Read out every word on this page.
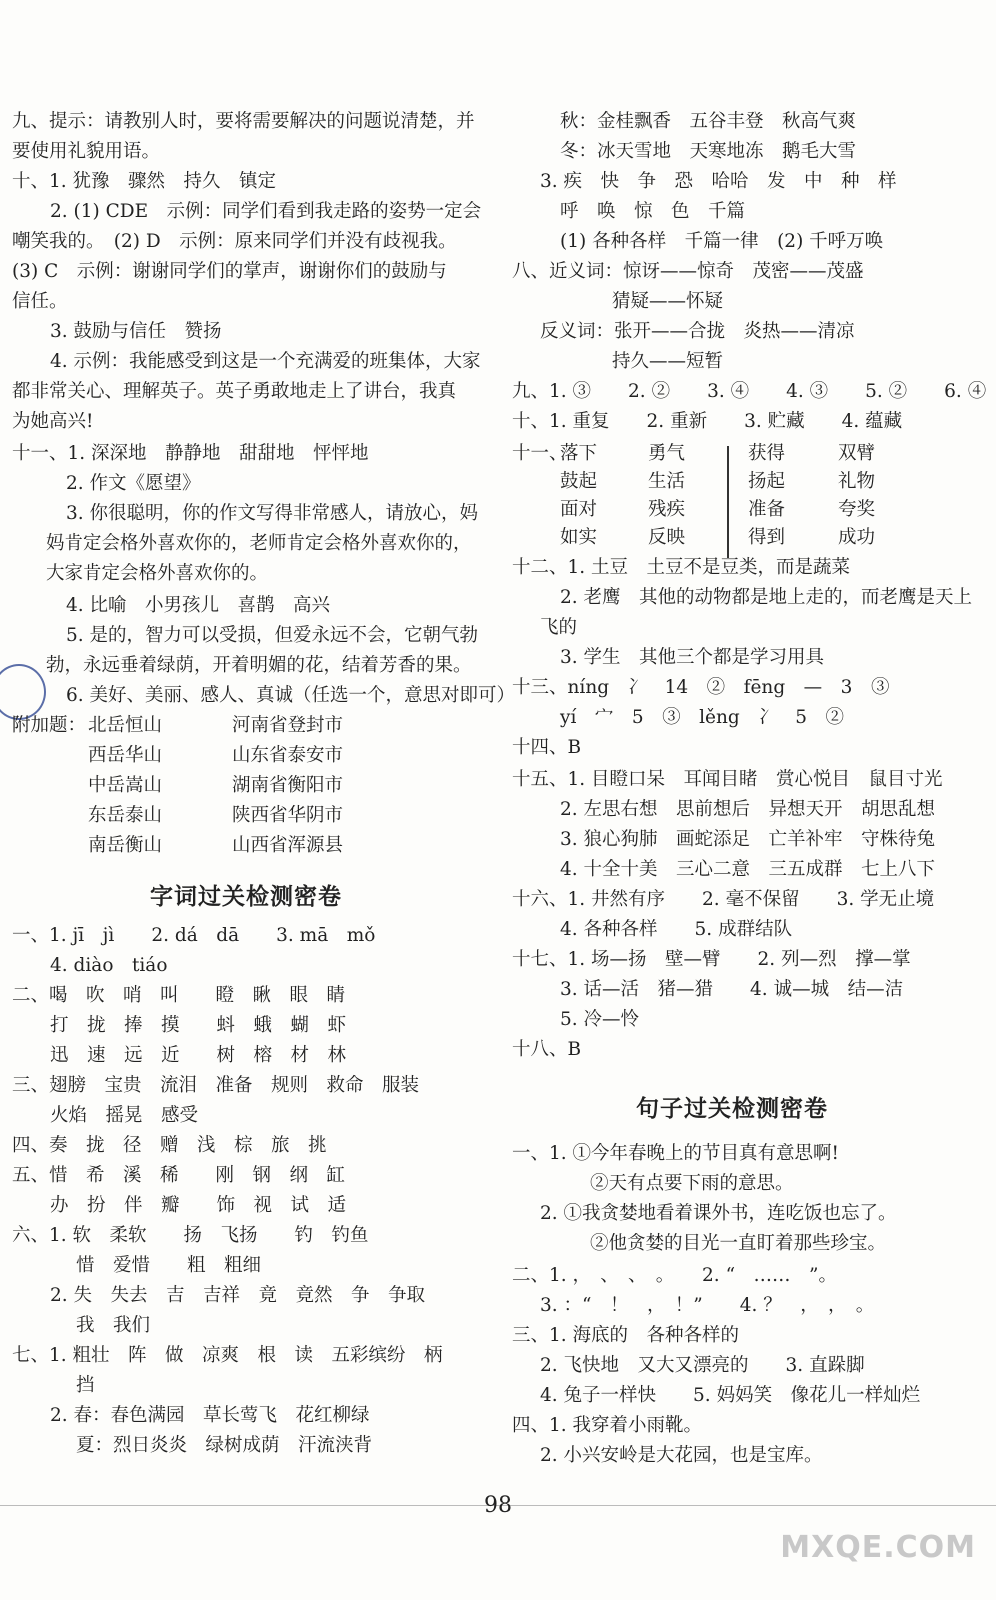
九、提示：请教别人时，要将需要解决的问题说清楚，并
要使用礼貌用语。
十、1. 犹豫　骤然　持久　镇定
2. (1) CDE　示例：同学们看到我走路的姿势一定会
嘲笑我的。　(2) D　示例：原来同学们并没有歧视我。
(3) C　示例：谢谢同学们的掌声，谢谢你们的鼓励与
信任。
3. 鼓励与信任　赞扬
4. 示例：我能感受到这是一个充满爱的班集体，大家
都非常关心、理解英子。英子勇敢地走上了讲台，我真
为她高兴!
十一、1. 深深地　静静地　甜甜地　怦怦地
2. 作文《愿望》
3. 你很聪明，你的作文写得非常感人，请放心，妈
妈肯定会格外喜欢你的，老师肯定会格外喜欢你的，
大家肯定会格外喜欢你的。
4. 比喻　小男孩儿　喜鹊　高兴
5. 是的，智力可以受损，但爱永远不会，它朝气勃
勃，永远垂着绿荫，开着明媚的花，结着芳香的果。
6. 美好、美丽、感人、真诚（任选一个，意思对即可）
附加题： 北岳恒山
西岳华山
中岳嵩山
东岳泰山
南岳衡山
河南省登封市
山东省泰安市
湖南省衡阳市
陕西省华阴市
山西省浑源县
字词过关检测密卷
一、1. jī　jì　　2. dá　dā　　3. mā　mǒ
4. diào　tiáo
二、喝　吹　哨　叫　　瞪　瞅　眼　睛
打　拢　捧　摸　　蚪　蛾　蝴　虾
迅　速　远　近　　树　榕　材　林
三、翅膀　宝贵　流泪　准备　规则　救命　服装
火焰　摇晃　感受
四、奏　拢　径　赠　浅　棕　旅　挑
五、惜　希　溪　稀　　刚　钢　纲　缸
办　扮　伴　瓣　　饰　视　试　适
六、1. 软　柔软　　扬　飞扬　　钓　钓鱼
惜　爱惜　　粗　粗细
2. 失　失去　吉　吉祥　竟　竟然　争　争取
我　我们
七、1. 粗壮　阵　做　凉爽　根　读　五彩缤纷　柄
挡
2. 春：春色满园　草长莺飞　花红柳绿
夏：烈日炎炎　绿树成荫　汗流浃背
秋：金桂飘香　五谷丰登　秋高气爽
冬：冰天雪地　天寒地冻　鹅毛大雪
3. 疾　快　争　恐　哈哈　发　中　种　样
呼　唤　惊　色　千篇
(1) 各种各样　千篇一律　(2) 千呼万唤
八、近义词：惊讶——惊奇　茂密——茂盛
猜疑——怀疑
反义词：张开——合拢　炎热——清凉
持久——短暂
九、1. ③　　2. ②　　3. ④　　4. ③　　5. ②　　6. ④
十、1. 重复　　2. 重新　　3. 贮藏　　4. 蕴藏
十一、
落下
鼓起
面对
如实
勇气
生活
残疾
反映
获得
扬起
准备
得到
双臂
礼物
夸奖
成功
十二、1. 土豆　土豆不是豆类，而是蔬菜
2. 老鹰　其他的动物都是地上走的，而老鹰是天上
飞的
3. 学生　其他三个都是学习用具
十三、níng　冫　14　②　fēng　—　3　③
yí　宀　5　③　lěng　冫　5　②
十四、B
十五、1. 目瞪口呆　耳闻目睹　赏心悦目　鼠目寸光
2. 左思右想　思前想后　异想天开　胡思乱想
3. 狼心狗肺　画蛇添足　亡羊补牢　守株待兔
4. 十全十美　三心二意　三五成群　七上八下
十六、1. 井然有序　　2. 毫不保留　　3. 学无止境
4. 各种各样　　5. 成群结队
十七、1. 场—扬　壁—臂　　2. 列—烈　撑—掌
3. 话—活　猪—猎　　4. 诚—城　结—洁
5. 冷—怜
十八、B
句子过关检测密卷
一、1. ①今年春晚上的节目真有意思啊!
②天有点要下雨的意思。
2. ①我贪婪地看着课外书，连吃饭也忘了。
②他贪婪的目光一直盯着那些珍宝。
二、1. ，　、　、　。　　2. “　……　”。
3. ：“　！　，　！”　　4. ？　，　，　。
三、1. 海底的　各种各样的
2. 飞快地　又大又漂亮的　　3. 直跺脚
4. 兔子一样快　　5. 妈妈笑　像花儿一样灿烂
四、1. 我穿着小雨靴。
2. 小兴安岭是大花园，也是宝库。
98
MXQE.COM
